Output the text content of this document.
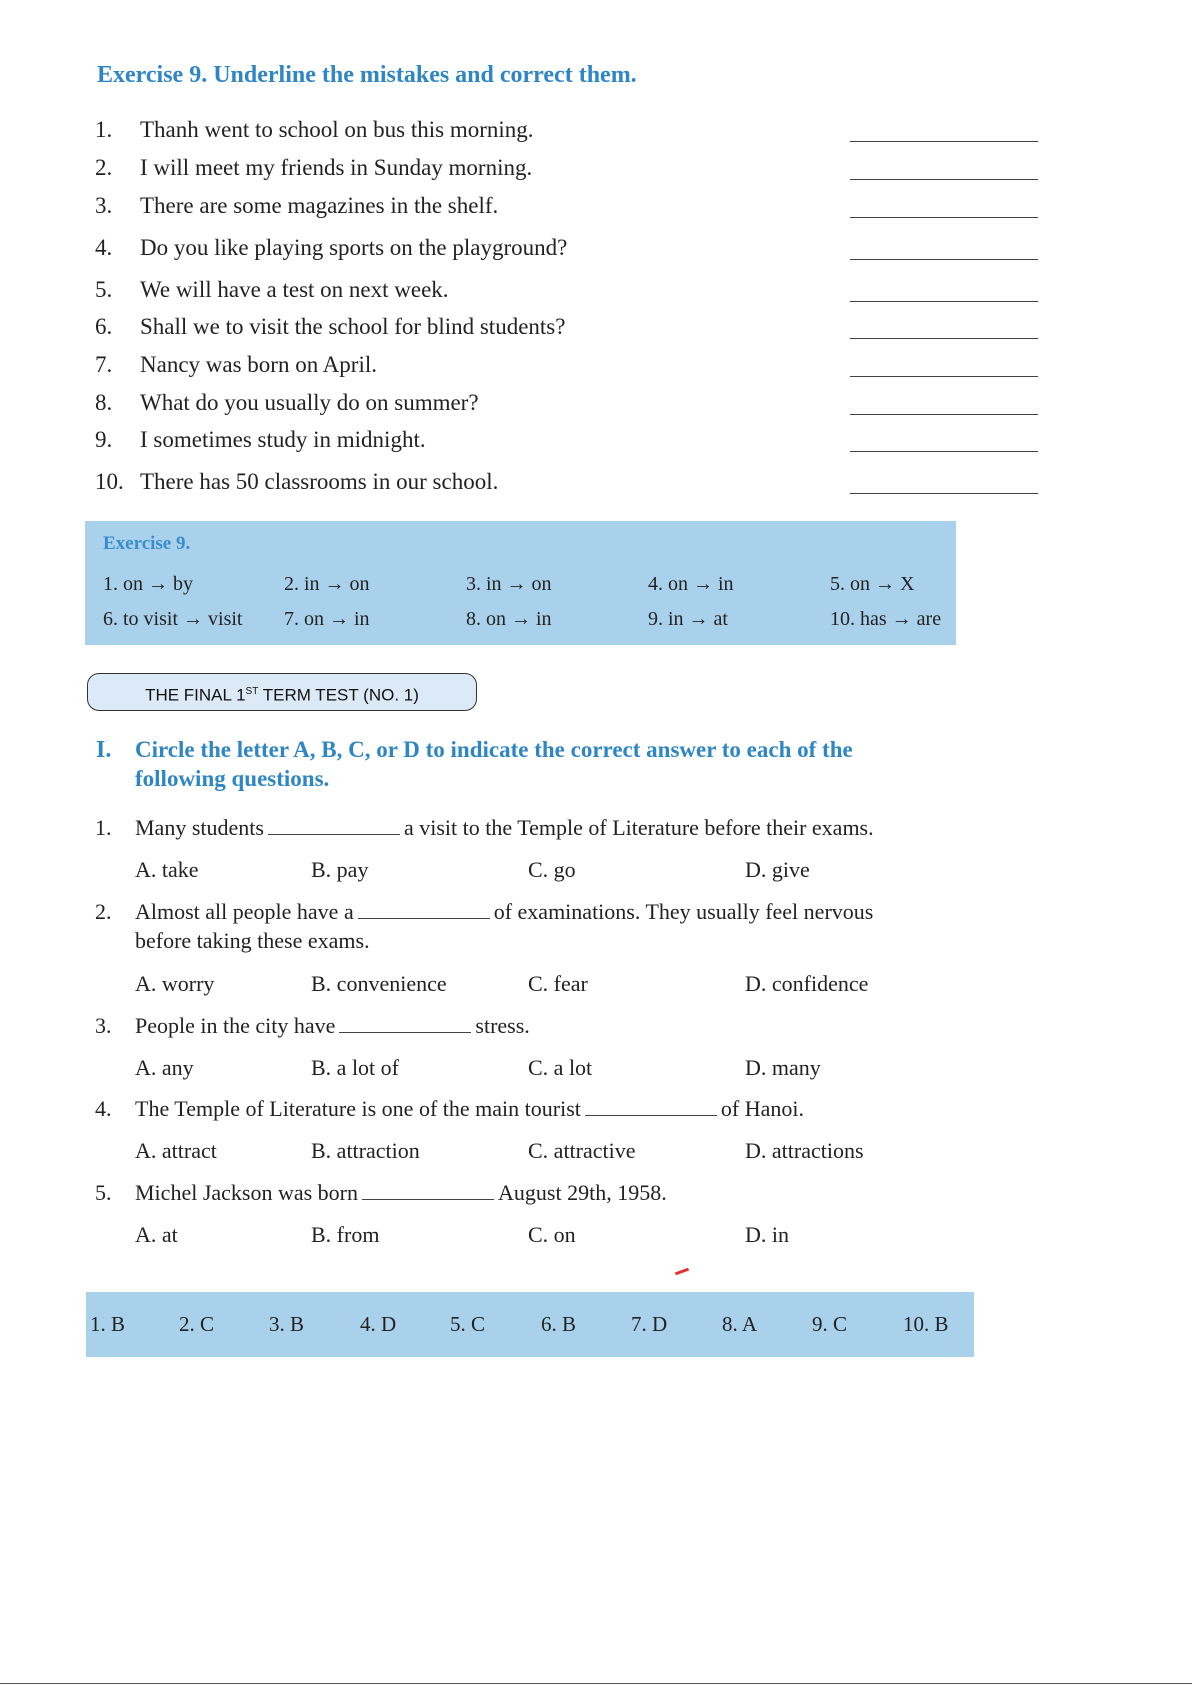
Exercise 9. Underline the mistakes and correct them.
1.	Thanh went to school on bus this morning.
2.	I will meet my friends in Sunday morning.
3.	There are some magazines in the shelf.
4.	Do you like playing sports on the playground?
5.	We will have a test on next week.
6.	Shall we to visit the school for blind students?
7.	Nancy was born on April.
8.	What do you usually do on summer?
9.	I sometimes study in midnight.
10. There has 50 classrooms in our school.
Exercise 9.
1. on → by	2. in → on	3. in → on	4. on → in	5. on → X
6. to visit → visit 7. on → in	8. on → in	9. in → at	10. has → are
THE FINAL 1ST TERM TEST (NO. 1)
I. Circle the letter A, B, C, or D to indicate the correct answer to each of the
following questions.
1. Many students	a visit to the Temple of Literature before their exams.
A. take	B. pay	C. go	D. give
2. Almost all people have a	of examinations. They usually feel nervous
before taking these exams.
A. worry	B. convenience	C. fear	D. confidence
3. People in the city have	stress.
A. any	B. a lot of	C. a lot	D. many
4. The Temple of Literature is one of the main tourist	of Hanoi.
A. attract	B. attraction	C. attractive	D. attractions
5. Michel Jackson was born	August 29th, 1958.
A. at	B. from	C. on	D. in
1. B	2. C	3. B	4. D	5. C	6. B	7. D	8. A	9. C	10. B
